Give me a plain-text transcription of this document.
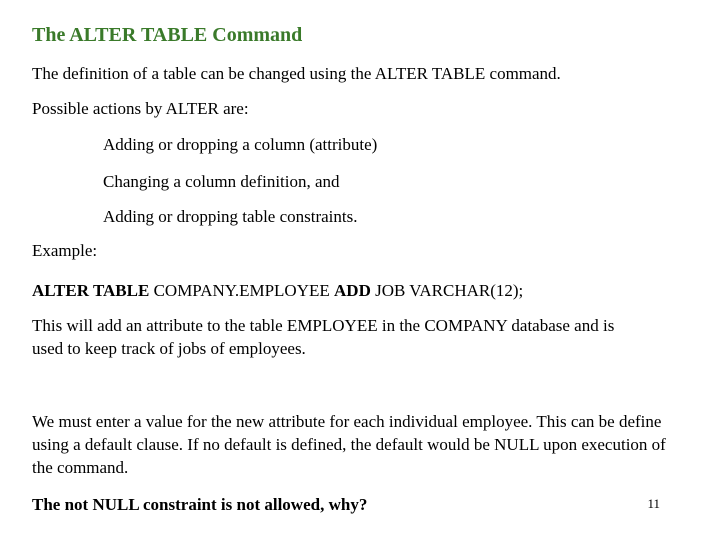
The ALTER TABLE Command
The definition of a table can be changed using the ALTER TABLE command.
Possible actions by ALTER are:
Adding or dropping a column (attribute)
Changing a column definition, and
Adding or dropping table constraints.
Example:
ALTER TABLE COMPANY.EMPLOYEE ADD JOB VARCHAR(12);
This will add an attribute to the table EMPLOYEE in the COMPANY database and is used to keep track of jobs of employees.
We must enter a value for the new attribute for each individual employee. This can be define using a default clause. If no default is defined, the default would be NULL upon execution of the command.
The not NULL constraint is not allowed, why?	11
